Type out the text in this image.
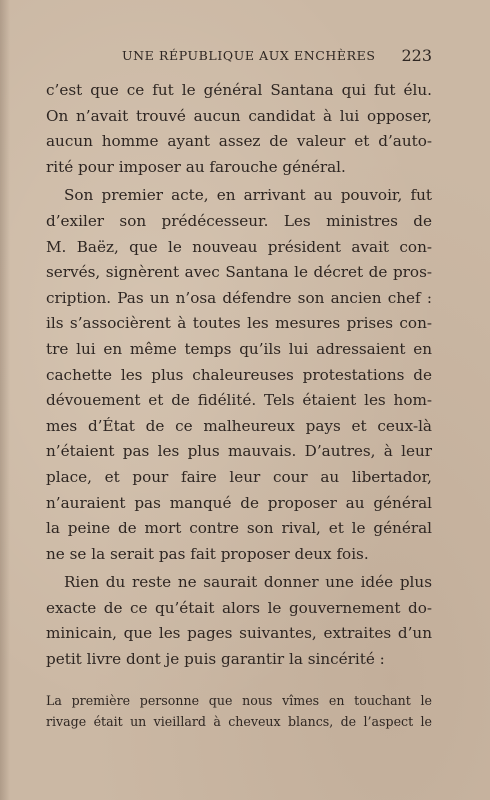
UNE RÉPUBLIQUE AUX ENCHÈRES 223
c’est que ce fut le général Santana qui fut élu.
On n’avait trouvé aucun candidat à lui opposer,
aucun homme ayant assez de valeur et d’auto-
rité pour imposer au farouche général.
Son premier acte, en arrivant au pouvoir, fut
d’exiler son prédécesseur. Les ministres de
M. Baëz, que le nouveau président avait con-
servés, signèrent avec Santana le décret de pros-
cription. Pas un n’osa défendre son ancien chef :
ils s’associèrent à toutes les mesures prises con-
tre lui en même temps qu’ils lui adressaient en
cachette les plus chaleureuses protestations de
dévouement et de fidélité. Tels étaient les hom-
mes d’État de ce malheureux pays et ceux-là
n’étaient pas les plus mauvais. D’autres, à leur
place, et pour faire leur cour au libertador,
n’auraient pas manqué de proposer au général
la peine de mort contre son rival, et le général
ne se la serait pas fait proposer deux fois.
Rien du reste ne saurait donner une idée plus
exacte de ce qu’était alors le gouvernement do-
minicain, que les pages suivantes, extraites d’un
petit livre dont je puis garantir la sincérité :
La première personne que nous vîmes en touchant le
rivage était un vieillard à cheveux blancs, de l’aspect le
